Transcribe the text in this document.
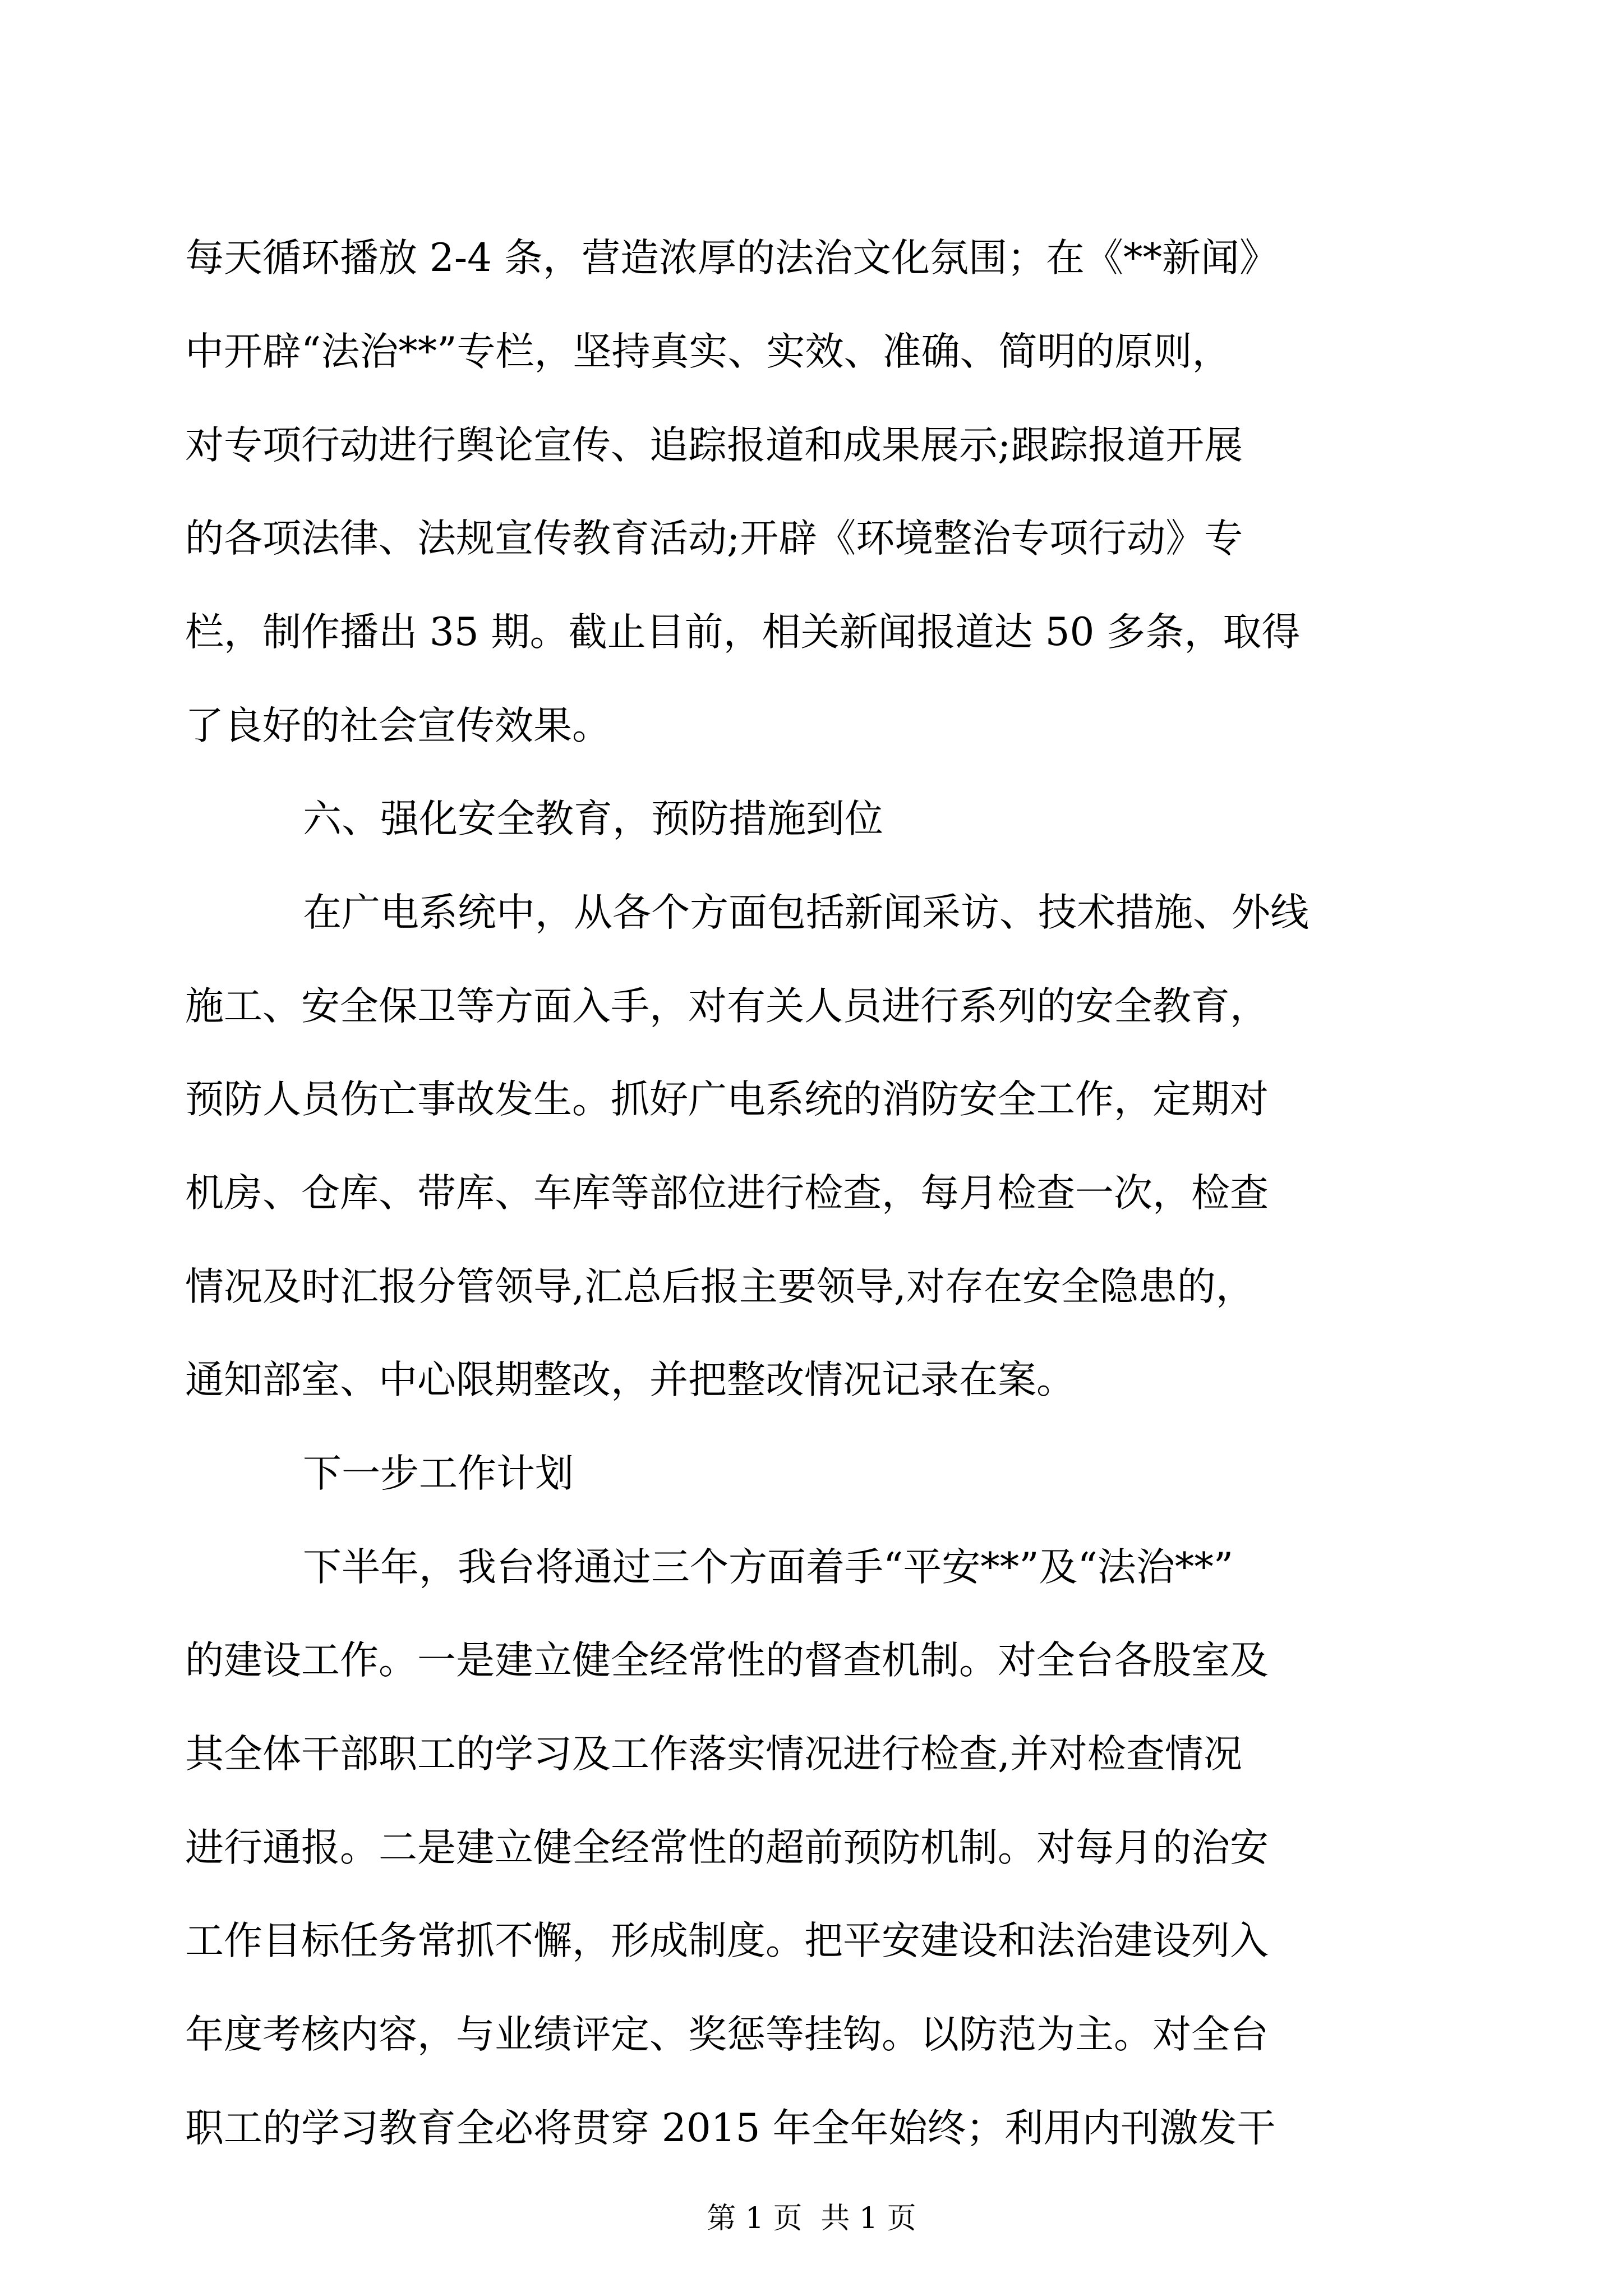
每天循环播放 2-4 条，营造浓厚的法治文化氛围；在《**新闻》
中开辟“法治**”专栏，坚持真实、实效、准确、简明的原则，
对专项行动进行舆论宣传、追踪报道和成果展示;跟踪报道开展
的各项法律、法规宣传教育活动;开辟《环境整治专项行动》专
栏，制作播出 35 期。截止目前，相关新闻报道达 50 多条，取得
了良好的社会宣传效果。
六、强化安全教育，预防措施到位
在广电系统中，从各个方面包括新闻采访、技术措施、外线
施工、安全保卫等方面入手，对有关人员进行系列的安全教育，
预防人员伤亡事故发生。抓好广电系统的消防安全工作，定期对
机房、仓库、带库、车库等部位进行检查，每月检查一次，检查
情况及时汇报分管领导,汇总后报主要领导,对存在安全隐患的，
通知部室、中心限期整改，并把整改情况记录在案。
下一步工作计划
下半年，我台将通过三个方面着手“平安**”及“法治**”
的建设工作。一是建立健全经常性的督查机制。对全台各股室及
其全体干部职工的学习及工作落实情况进行检查,并对检查情况
进行通报。二是建立健全经常性的超前预防机制。对每月的治安
工作目标任务常抓不懈，形成制度。把平安建设和法治建设列入
年度考核内容，与业绩评定、奖惩等挂钩。以防范为主。对全台
职工的学习教育全必将贯穿 2015 年全年始终；利用内刊激发干
第 1 页  共 1 页
